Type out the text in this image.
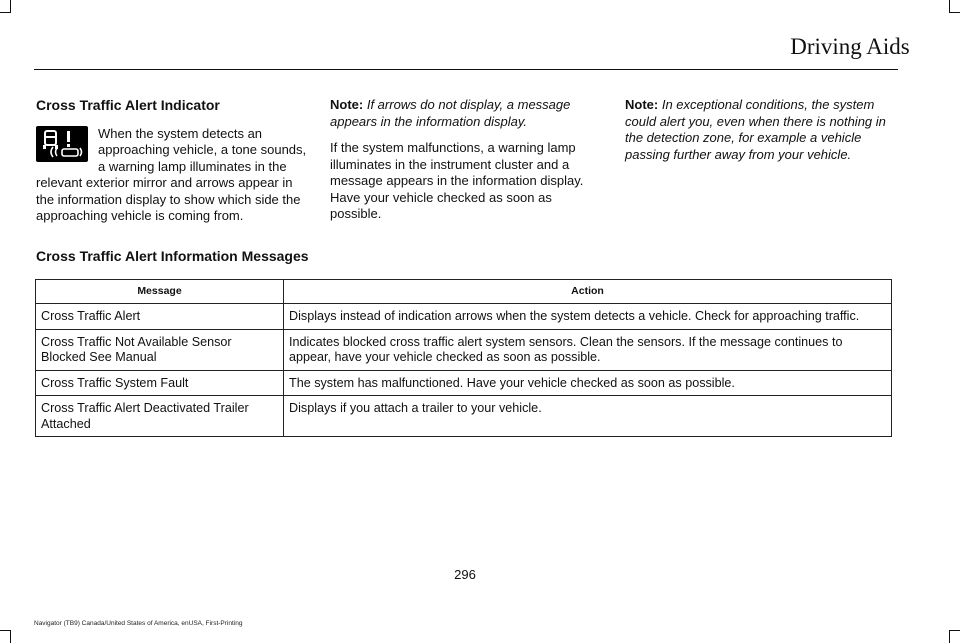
Driving Aids
Cross Traffic Alert Indicator

When the system detects an approaching vehicle, a tone sounds, a warning lamp illuminates in the relevant exterior mirror and arrows appear in the information display to show which side the approaching vehicle is coming from.

Note: If arrows do not display, a message appears in the information display.

If the system malfunctions, a warning lamp illuminates in the instrument cluster and a message appears in the information display. Have your vehicle checked as soon as possible.

Note: In exceptional conditions, the system could alert you, even when there is nothing in the detection zone, for example a vehicle passing further away from your vehicle.

Cross Traffic Alert Information Messages
Message	Action
Cross Traffic Alert	Displays instead of indication arrows when the system detects a vehicle. Check for approaching traffic.
Cross Traffic Not Available Sensor Blocked See Manual	Indicates blocked cross traffic alert system sensors. Clean the sensors. If the message continues to appear, have your vehicle checked as soon as possible.
Cross Traffic System Fault	The system has malfunctioned. Have your vehicle checked as soon as possible.
Cross Traffic Alert Deactivated Trailer Attached	Displays if you attach a trailer to your vehicle.
296
Navigator (TB9) Canada/United States of America, enUSA, First-Printing
